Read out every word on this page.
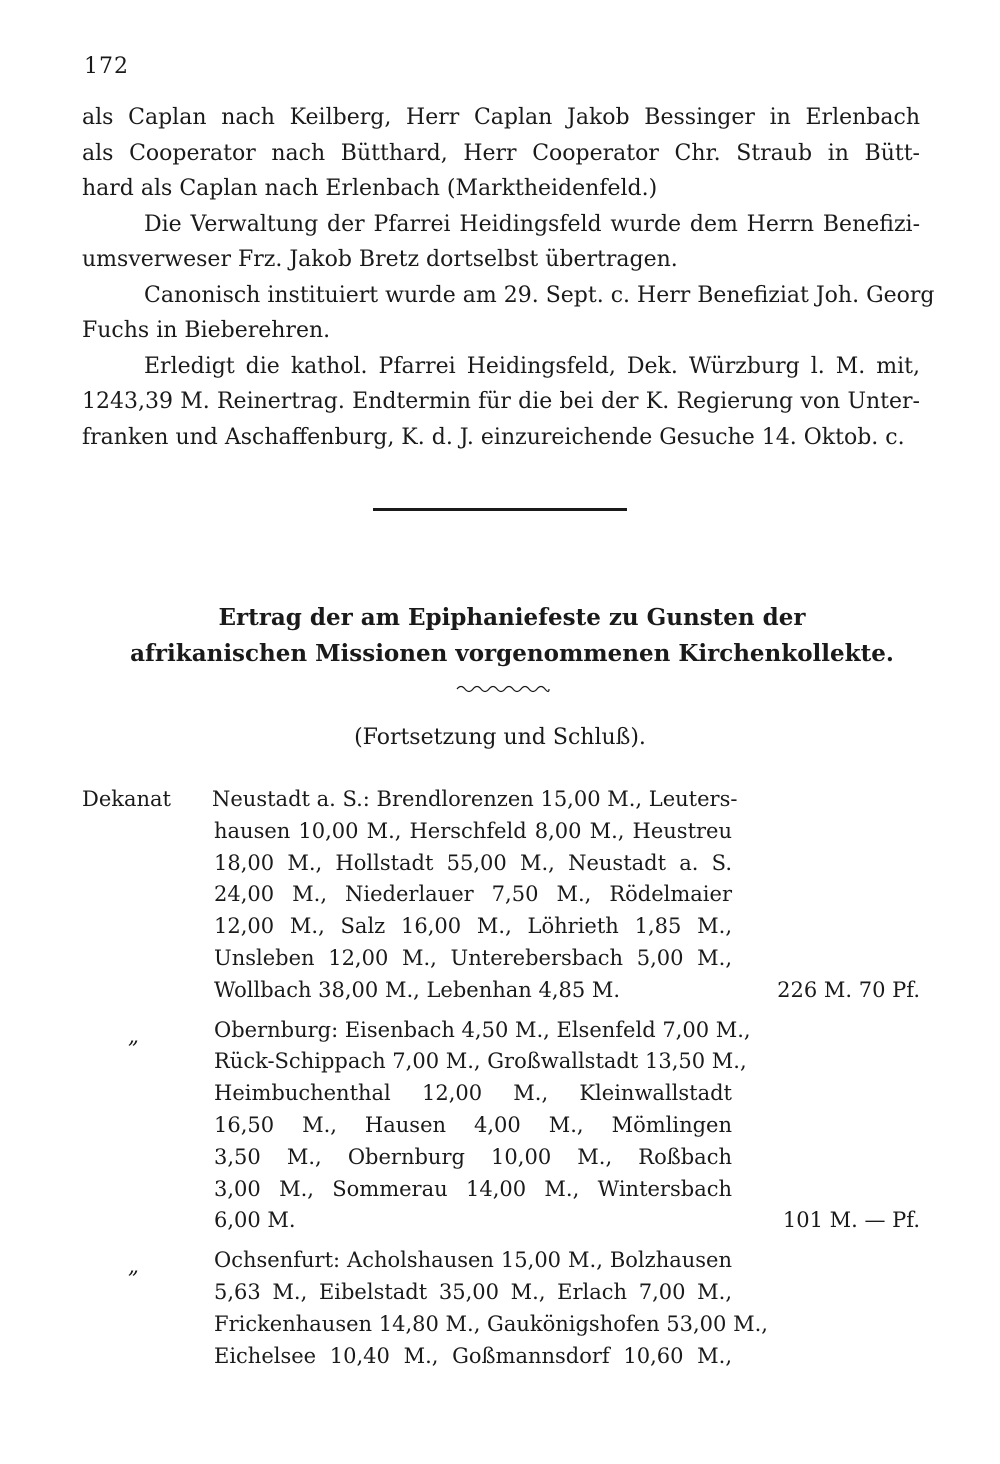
172
als Caplan nach Keilberg, Herr Caplan Jakob Bessinger in Erlenbach
als Cooperator nach Bütthard, Herr Cooperator Chr. Straub in Bütt-
hard als Caplan nach Erlenbach (Marktheidenfeld.)
Die Verwaltung der Pfarrei Heidingsfeld wurde dem Herrn Benefizi-
umsverweser Frz. Jakob Bretz dortselbst übertragen.
Canonisch instituiert wurde am 29. Sept. c. Herr Benefiziat Joh. Georg
Fuchs in Bieberehren.
Erledigt die kathol. Pfarrei Heidingsfeld, Dek. Würzburg l. M. mit,
1243,39 M. Reinertrag. Endtermin für die bei der K. Regierung von Unter-
franken und Aschaffenburg, K. d. J. einzureichende Gesuche 14. Oktob. c.
Ertrag der am Epiphaniefeste zu Gunsten der
afrikanischen Missionen vorgenommenen Kirchenkollekte.
(Fortsetzung und Schluß).
Dekanat Neustadt a. S.: Brendlorenzen 15,00 M., Leuters-
hausen 10,00 M., Herschfeld 8,00 M., Heustreu
18,00 M., Hollstadt 55,00 M., Neustadt a. S.
24,00 M., Niederlauer 7,50 M., Rödelmaier
12,00 M., Salz 16,00 M., Löhrieth 1,85 M.,
Unsleben 12,00 M., Unterebersbach 5,00 M.,
Wollbach 38,00 M., Lebenhan 4,85 M.	226 M. 70 Pf.
„	Obernburg: Eisenbach 4,50 M., Elsenfeld 7,00 M.,
Rück-Schippach 7,00 M., Großwallstadt 13,50 M.,
Heimbuchenthal 12,00 M., Kleinwallstadt
16,50 M., Hausen 4,00 M., Mömlingen
3,50 M., Obernburg 10,00 M., Roßbach
3,00 M., Sommerau 14,00 M., Wintersbach
6,00 M.	101 M. — Pf.
„	Ochsenfurt: Acholshausen 15,00 M., Bolzhausen
5,63 M., Eibelstadt 35,00 M., Erlach 7,00 M.,
Frickenhausen 14,80 M., Gaukönigshofen 53,00 M.,
Eichelsee 10,40 M., Goßmannsdorf 10,60 M.,
